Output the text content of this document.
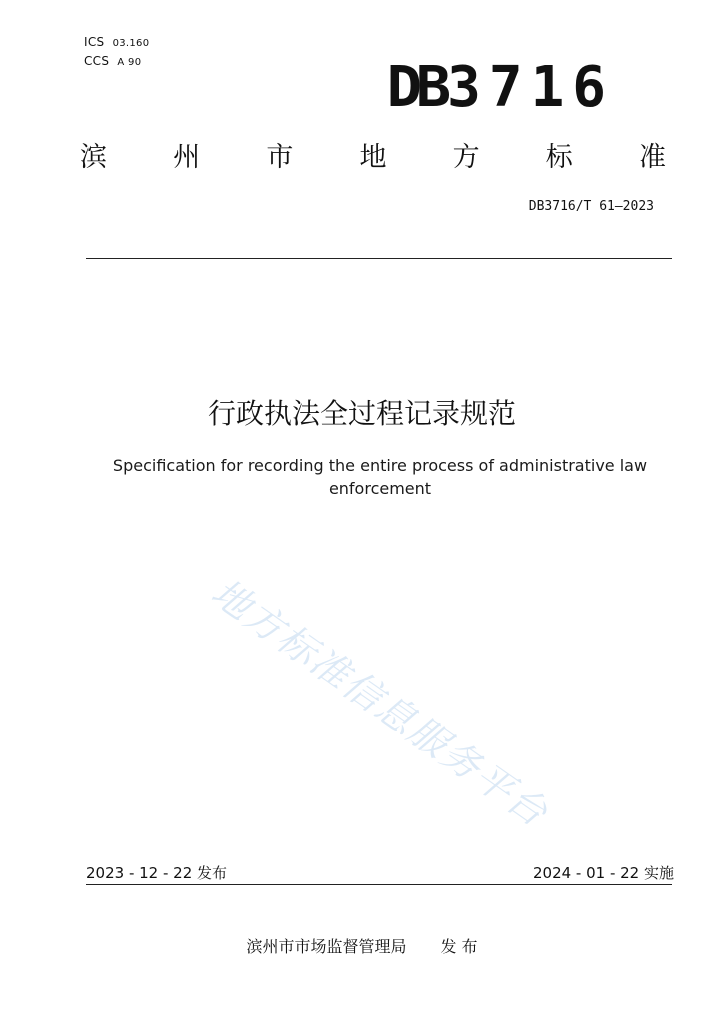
ICS 03.160
CCS A 90	DB3716
滨 州 市 地 方 标 准
DB3716/T 61—2023
行政执法全过程记录规范
Specification for recording the entire process of administrative law enforcement
地方标准信息服务平台
2023 - 12 - 22 发布	2024 - 01 - 22 实施
滨州市市场监督管理局 发 布
